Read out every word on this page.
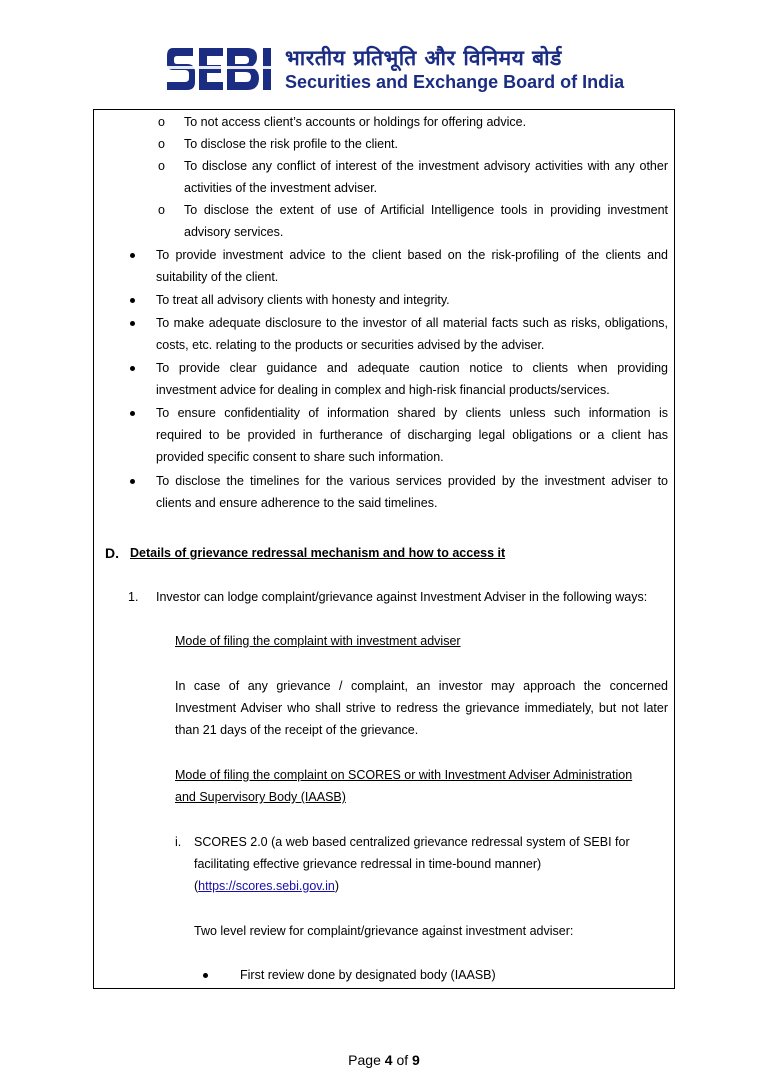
भारतीय प्रतिभूति और विनिमय बोर्ड
Securities and Exchange Board of India
o To not access client’s accounts or holdings for offering advice.
o To disclose the risk profile to the client.
o To disclose any conflict of interest of the investment advisory activities with any other
activities of the investment adviser.
o To disclose the extent of use of Artificial Intelligence tools in providing investment
advisory services.
To provide investment advice to the client based on the risk-profiling of the clients and
suitability of the client.
To treat all advisory clients with honesty and integrity.
To make adequate disclosure to the investor of all material facts such as risks, obligations,
costs, etc. relating to the products or securities advised by the adviser.
To provide clear guidance and adequate caution notice to clients when providing
investment advice for dealing in complex and high-risk financial products/services.
To ensure confidentiality of information shared by clients unless such information is
required to be provided in furtherance of discharging legal obligations or a client has
provided specific consent to share such information.
To disclose the timelines for the various services provided by the investment adviser to
clients and ensure adherence to the said timelines.
D. Details of grievance redressal mechanism and how to access it
1. Investor can lodge complaint/grievance against Investment Adviser in the following ways:
Mode of filing the complaint with investment adviser
In case of any grievance / complaint, an investor may approach the concerned
Investment Adviser who shall strive to redress the grievance immediately, but not later
than 21 days of the receipt of the grievance.
Mode of filing the complaint on SCORES or with Investment Adviser Administration
and Supervisory Body (IAASB)
i. SCORES 2.0 (a web based centralized grievance redressal system of SEBI for
facilitating effective grievance redressal in time-bound manner)
(https://scores.sebi.gov.in)
Two level review for complaint/grievance against investment adviser:
First review done by designated body (IAASB)
Page 4 of 9
